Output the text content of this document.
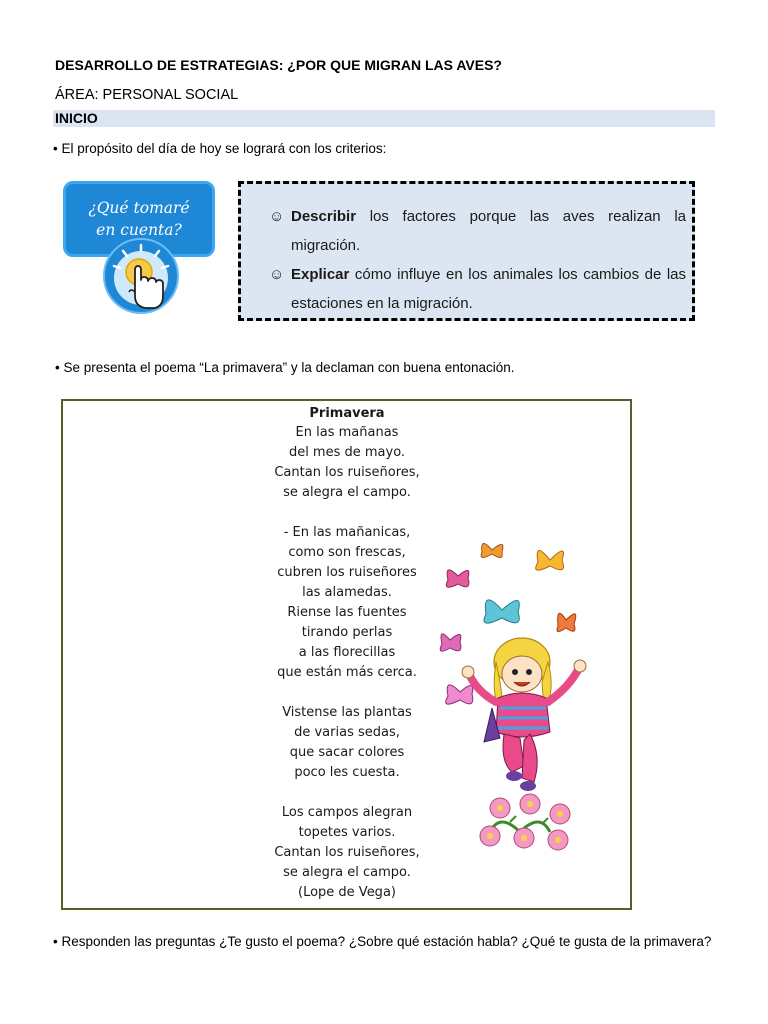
DESARROLLO DE ESTRATEGIAS: ¿POR QUE MIGRAN LAS AVES?
ÁREA: PERSONAL SOCIAL
INICIO
• El propósito del día de hoy se logrará con los criterios:
¿Qué tomaré
en cuenta?
☺ Describir los factores porque las aves realizan la migración.
☺ Explicar cómo influye en los animales los cambios de las estaciones en la migración.
• Se presenta el poema “La primavera” y la declaman con buena entonación.
Primavera
En las mañanas
del mes de mayo.
Cantan los ruiseñores,
se alegra el campo.
- En las mañanicas,
como son frescas,
cubren los ruiseñores
las alamedas.
Riense las fuentes
tirando perlas
a las florecillas
que están más cerca.
Vistense las plantas
de varias sedas,
que sacar colores
poco les cuesta.
Los campos alegran
topetes varios.
Cantan los ruiseñores,
se alegra el campo.
(Lope de Vega)
• Responden las preguntas ¿Te gusto el poema? ¿Sobre qué estación habla? ¿Qué te gusta de la primavera?
